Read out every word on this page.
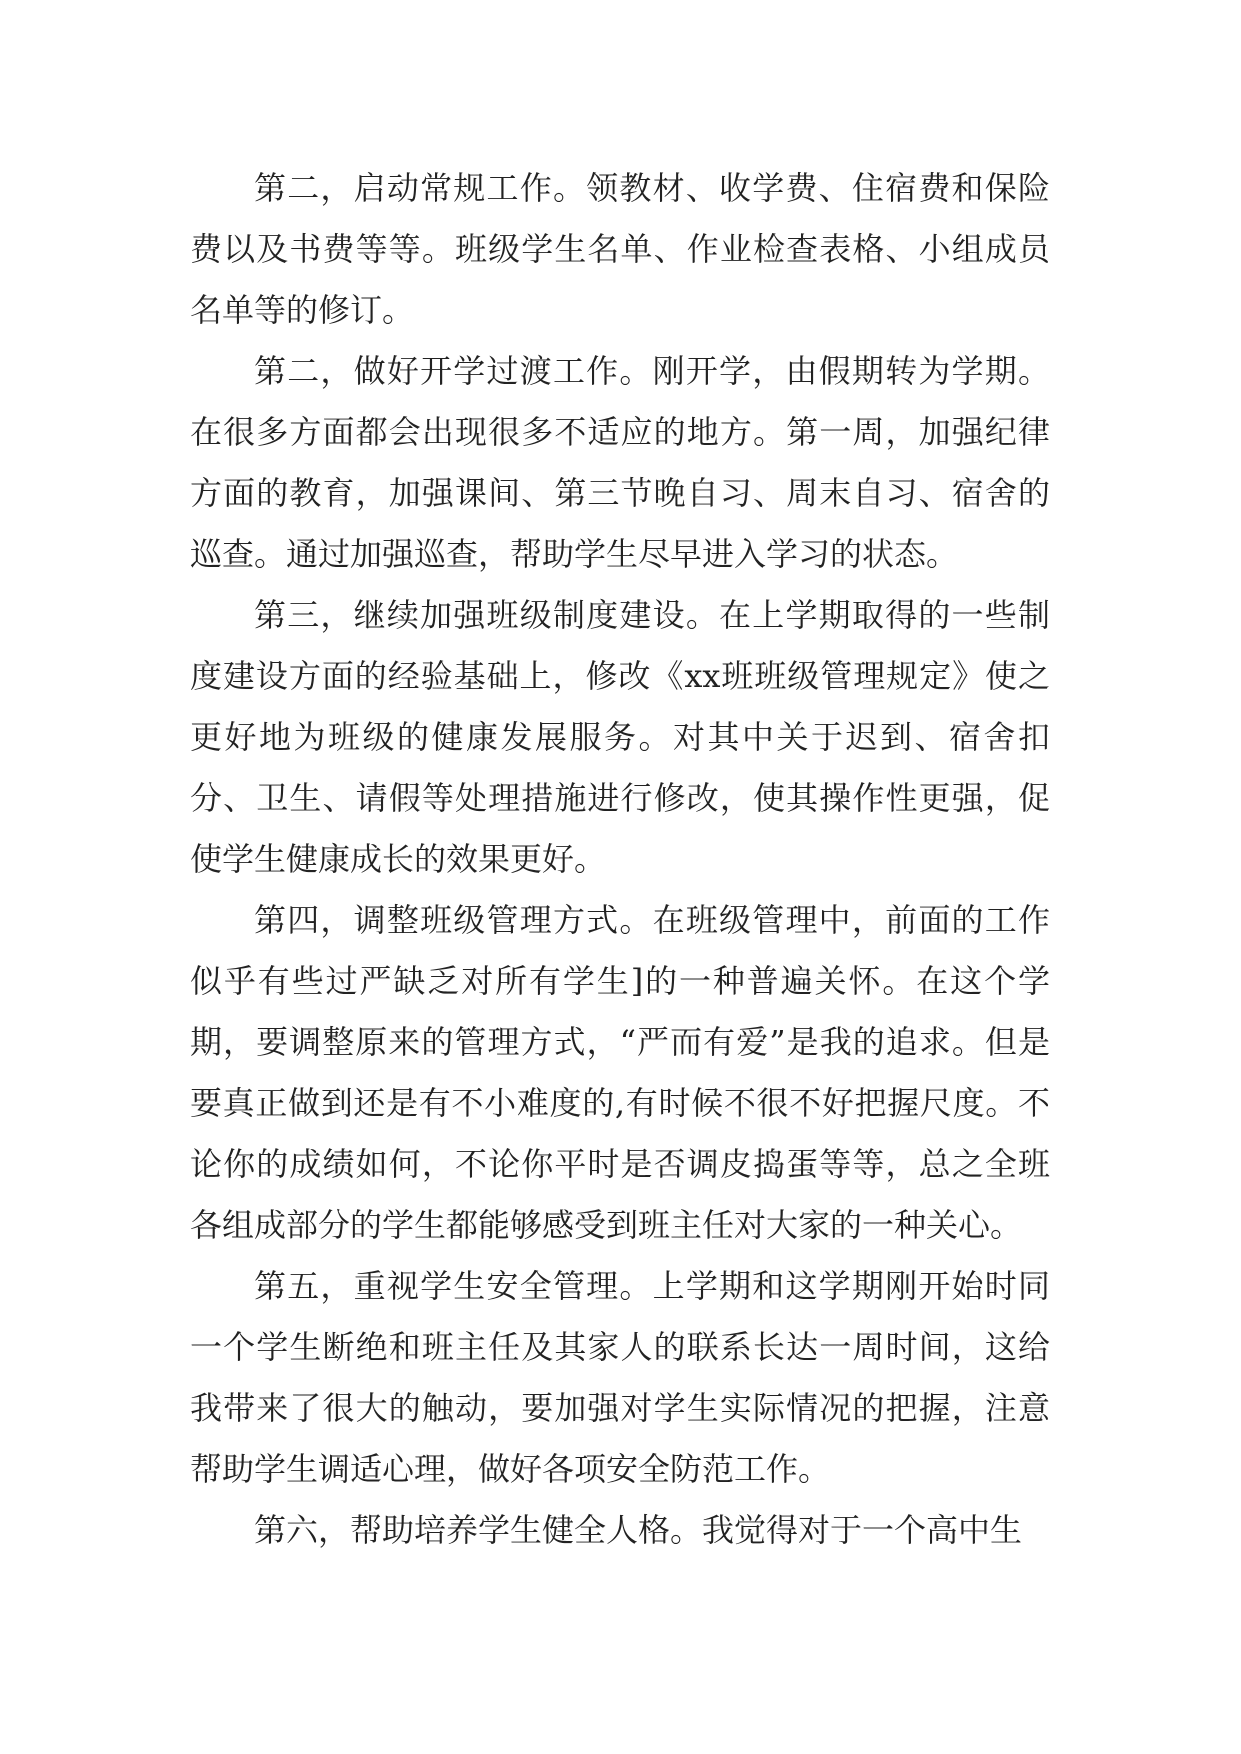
第二，启动常规工作。领教材、收学费、住宿费和保险费以及书费等等。班级学生名单、作业检查表格、小组成员名单等的修订。

第二，做好开学过渡工作。刚开学，由假期转为学期。在很多方面都会出现很多不适应的地方。第一周，加强纪律方面的教育，加强课间、第三节晚自习、周末自习、宿舍的巡查。通过加强巡查，帮助学生尽早进入学习的状态。

第三，继续加强班级制度建设。在上学期取得的一些制度建设方面的经验基础上，修改《xx班班级管理规定》使之更好地为班级的健康发展服务。对其中关于迟到、宿舍扣分、卫生、请假等处理措施进行修改，使其操作性更强，促使学生健康成长的效果更好。

第四，调整班级管理方式。在班级管理中，前面的工作似乎有些过严缺乏对所有学生]的一种普遍关怀。在这个学期，要调整原来的管理方式，“严而有爱”是我的追求。但是要真正做到还是有不小难度的,有时候不很不好把握尺度。不论你的成绩如何，不论你平时是否调皮捣蛋等等，总之全班各组成部分的学生都能够感受到班主任对大家的一种关心。

第五，重视学生安全管理。上学期和这学期刚开始时同一个学生断绝和班主任及其家人的联系长达一周时间，这给我带来了很大的触动，要加强对学生实际情况的把握，注意帮助学生调适心理，做好各项安全防范工作。

第六，帮助培养学生健全人格。我觉得对于一个高中生
